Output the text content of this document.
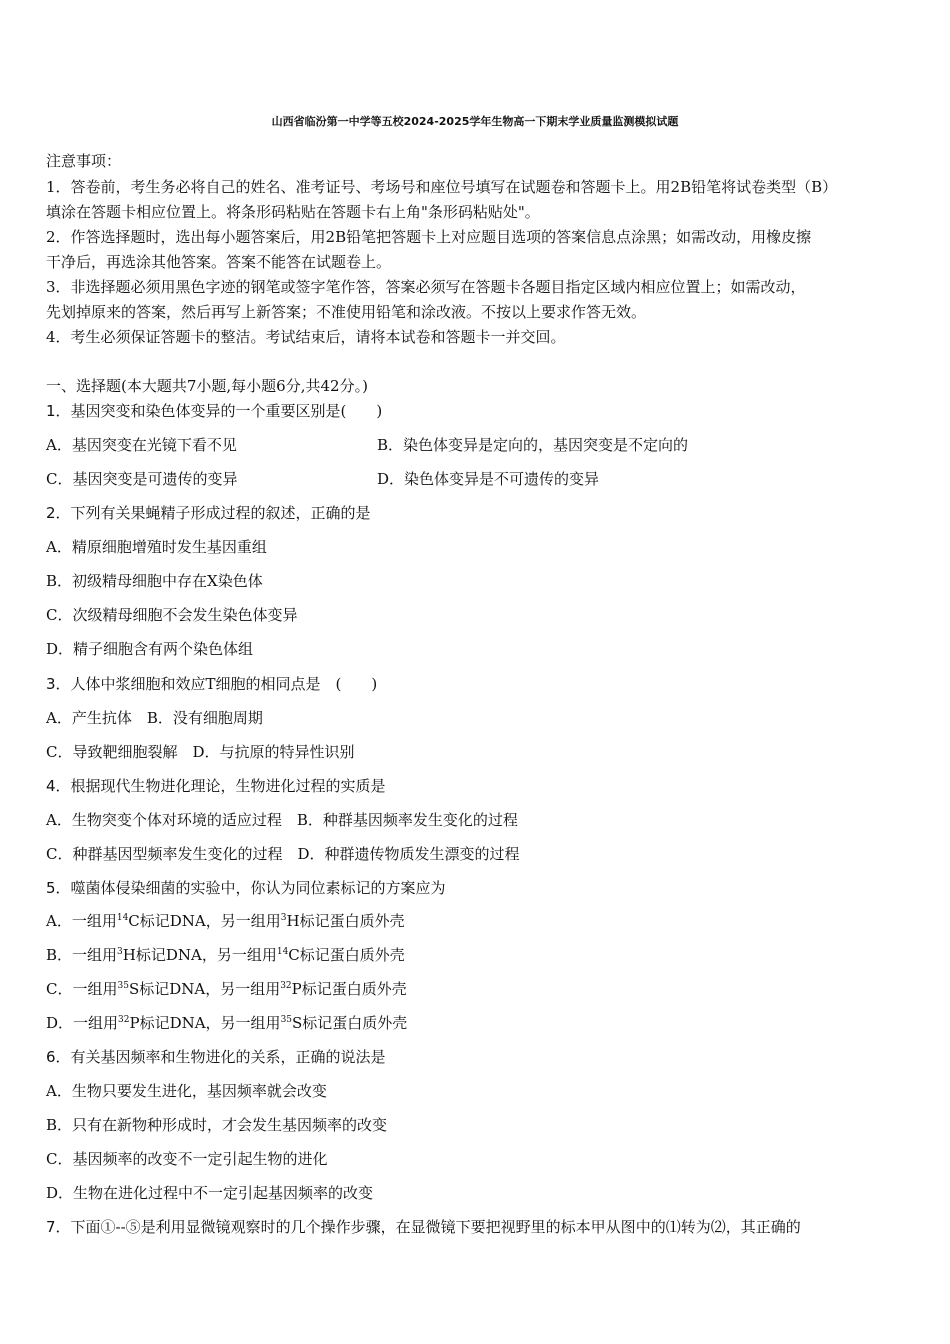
山西省临汾第一中学等五校2024-2025学年生物高一下期末学业质量监测模拟试题
注意事项：
1．答卷前，考生务必将自己的姓名、准考证号、考场号和座位号填写在试题卷和答题卡上。用2B铅笔将试卷类型（B）
填涂在答题卡相应位置上。将条形码粘贴在答题卡右上角"条形码粘贴处"。
2．作答选择题时，选出每小题答案后，用2B铅笔把答题卡上对应题目选项的答案信息点涂黑；如需改动，用橡皮擦
干净后，再选涂其他答案。答案不能答在试题卷上。
3．非选择题必须用黑色字迹的钢笔或签字笔作答，答案必须写在答题卡各题目指定区域内相应位置上；如需改动，
先划掉原来的答案，然后再写上新答案；不准使用铅笔和涂改液。不按以上要求作答无效。
4．考生必须保证答题卡的整洁。考试结束后，请将本试卷和答题卡一并交回。
一、选择题(本大题共7小题,每小题6分,共42分。)
1．基因突变和染色体变异的一个重要区别是(　　)
A．基因突变在光镜下看不见	B．染色体变异是定向的，基因突变是不定向的
C．基因突变是可遗传的变异	D．染色体变异是不可遗传的变异
2．下列有关果蝇精子形成过程的叙述，正确的是
A．精原细胞增殖时发生基因重组
B．初级精母细胞中存在X染色体
C．次级精母细胞不会发生染色体变异
D．精子细胞含有两个染色体组
3．人体中浆细胞和效应T细胞的相同点是　(　　)
A．产生抗体　B．没有细胞周期
C．导致靶细胞裂解　D．与抗原的特异性识别
4．根据现代生物进化理论，生物进化过程的实质是
A．生物突变个体对环境的适应过程　B．种群基因频率发生变化的过程
C．种群基因型频率发生变化的过程　D．种群遗传物质发生漂变的过程
5．噬菌体侵染细菌的实验中，你认为同位素标记的方案应为
A．一组用$^{14}$C标记DNA，另一组用$^3$H标记蛋白质外壳
B．一组用$^3$H标记DNA，另一组用$^{14}$C标记蛋白质外壳
C．一组用$^{35}$S标记DNA，另一组用$^{32}$P标记蛋白质外壳
D．一组用$^{32}$P标记DNA，另一组用$^{35}$S标记蛋白质外壳
6．有关基因频率和生物进化的关系，正确的说法是
A．生物只要发生进化，基因频率就会改变
B．只有在新物种形成时，才会发生基因频率的改变
C．基因频率的改变不一定引起生物的进化
D．生物在进化过程中不一定引起基因频率的改变
7．下面①--⑤是利用显微镜观察时的几个操作步骤，在显微镜下要把视野里的标本甲从图中的⑴转为⑵，其正确的
